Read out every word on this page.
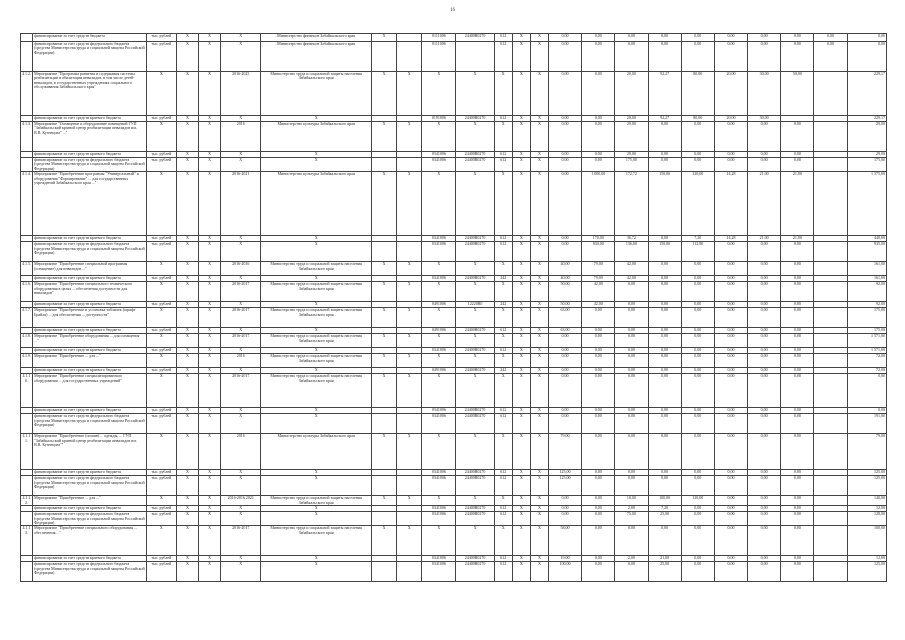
16
	финансирование за счет средств бюджета	тыс. рублей	X	X	X	Министерство финансов Забайкальского края	X		0111006	24400R0270	612	X	X	0,00	0,00	0,00	0,00	0,00	0,00	0,00	0,00	0,00	0,00
	финансирование за счет средств федерального бюджета (средства Министерства труда и социальной защиты Российской Федерации)	тыс. рублей	X	X	X	Министерство финансов Забайкальского края			0111006		612	X	X	0,00	0,00	0,00	0,00	0,00	0,00	0,00	0,00	0,00	0,00
4.1.2.	Мероприятие "Программа развития и содержания системы реабилитации и абилитации инвалидов, в том числе детей-инвалидов, в государственных учреждениях социального обслуживания Забайкальского края"	X	X	X	2016-2025	Министерство труда и социальной защиты населения Забайкальского края	X	X	X	X	X	X	X	0,00	0,00	20,00	92,27	80,00	20,00	30,00	50,00		229,17
	финансирование за счет средств краевого бюджета	тыс. рублей	X	X	X	X			0191006	24400R0270	612	X	X	0,00	0,00	20,00	92,27	80,00	20,00	30,00			229,17
4.1.3.	Мероприятие "Оснащение и оборудование помещений ГУП "Забайкальский краевой центр реабилитации инвалидов им. В.В. Кузнецова" ..."	X	X	X	2016	Министерство культуры Забайкальского края	X	X	X	X	X	X	X	0,00	0,00	29,00	0,00	0,00	0,00	0,00	0,00		29,00
	финансирование за счет средств краевого бюджета	тыс. рублей	X	X	X	X			0341006	24400R0270	612	X	X	0,00	0,00	29,00	0,00	0,00	0,00	0,00	0,00		29,00
	финансирование за счет средств федерального бюджета (средства Министерства труда и социальной защиты Российской Федерации)	тыс. рублей	X	X	X	X			0341006	24400R0270	612	X	X	0,00	0,00	175,00	0,00	0,00	0,00	0,00	0,00		175,00
4.1.4.	Мероприятие "Приобретение программы "Универсальный" и оборудования "Формирование" ... для государственных учреждений Забайкальского края ..."	X	X	X	2016-2021	Министерство культуры Забайкальского края	X	X	X	X	X	X	X	0,00	1 000,00	172,72	150,00	120,00	14,28	21,00	21,00		1 375,00
	финансирование за счет средств краевого бюджета	тыс. рублей	X	X	X	X			0341006	24400R0270	612	X	X	0,00	170,00	36,72	0,00	7,20	14,28	21,00	21,00		440,00
	финансирование за счет средств федерального бюджета (средства Министерства труда и социальной защиты Российской Федерации)	тыс. рублей	X	X	X	X			0341006	24400R0270	612	X	X	0,00	830,00	136,00	150,00	112,80	0,00	0,00	0,00		935,00
4.1.5.	Мероприятие "Приобретение специальной программы (оснащение) для инвалидов ..."	X	X	X	2016-2016	Министерство труда и социальной защиты населения Забайкальского края	X	X	X	X	X	X	X	40,00	79,00	42,00	0,00	0,00	0,00	0,00	0,00		161,00
	финансирование за счет средств краевого бюджета	тыс. рублей	X	X	X	X			0341006	24400R0270	242	X	X	40,00	79,00	42,00	0,00	0,00	0,00	0,00	0,00		161,00
4.1.6.	Мероприятие "Приобретение специального технического оборудования в целях ... обеспечения доступности для инвалидов"	X	X	X	2016-2017	Министерство труда и социальной защиты населения Забайкальского края	X	X	X	X	X	X	X	50,00	42,00	0,00	0,00	0,00	0,00	0,00	0,00		92,00
	финансирование за счет средств краевого бюджета	тыс. рублей	X	X	X	X			0491006	12220R0	242	X	X	50,00	42,00	0,00	0,00	0,00	0,00	0,00	0,00		92,00
4.1.7.	Мероприятие "Приобретение и установка табличек (шрифт Брайля) ... для обеспечения ... доступности"	X	X	X	2016-2017	Министерство труда и социальной защиты населения Забайкальского края	X	X	X	X	X	X	X	63,00	0,00	0,00	0,00	0,00	0,00	0,00	0,00		175,00
	финансирование за счет средств краевого бюджета	тыс. рублей	X	X	X	X			0491006	24400R0270	612	X	X	63,00	0,00	0,00	0,00	0,00	0,00	0,00	0,00		175,00
4.1.8.	Мероприятие "Приобретение оборудования ... для оснащения ..."	X	X	X	2016-2017	Министерство труда и социальной защиты населения Забайкальского края	X	X	X	X	X	X	X	0,00	0,00	0,00	0,00	0,00	0,00	0,00	0,00		1 571,00
	финансирование за счет средств краевого бюджета	тыс. рублей	X	X	X	X			0341006	24400R0270	612	X	X	0,00	0,00	0,00	0,00	0,00	0,00	0,00	0,00		1 571,00
4.1.9.	Мероприятие "Приобретение ... для ..."	X	X	X	2016	Министерство труда и социальной защиты населения Забайкальского края	X	X	X	X	X	X	X	0,00	0,00	0,00	0,00	0,00	0,00	0,00	0,00		72,00
	финансирование за счет средств краевого бюджета	тыс. рублей	X	X	X	X			0491006	24400R0270	242	X	X	0,00	0,00	0,00	0,00	0,00	0,00	0,00	0,00		72,00
4.1.10.	Мероприятие "Приобретение специализированного оборудования ... для государственных учреждений"	X	X	X	2016-2017	Министерство труда и социальной защиты населения Забайкальского края	X	X	X	X	X	X	X	0,00	0,00	0,00	0,00	0,00	0,00	0,00	0,00		0,00
	финансирование за счет средств краевого бюджета	тыс. рублей	X	X	X	X			0341006	24400R0270	612	X	X	0,00	0,00	0,00	0,00	0,00	0,00	0,00	0,00		0,00
	финансирование за счет средств федерального бюджета (средства Министерства труда и социальной защиты Российской Федерации)	тыс. рублей	X	X	X	X			0341006	24400R0270	612	X	X	0,00	0,00	0,00	0,00	0,00	0,00	0,00	0,00		191,00
4.1.11.	Мероприятие "Приобретение (пошив) ... одежды, ... ГУП "Забайкальский краевой центр реабилитации инвалидов им. В.В. Кузнецова""	X	X	X	2016	Министерство культуры Забайкальского края	X	X	X	X	X	X	X	79,00	0,00	0,00	0,00	0,00	0,00	0,00	0,00		79,00
	финансирование за счет средств краевого бюджета	тыс. рублей	X	X	X	X			0341006	24400R0270	612	X	X	125,00	0,00	0,00	0,00	0,00	0,00	0,00	0,00		125,00
	финансирование за счет средств федерального бюджета (средства Министерства труда и социальной защиты Российской Федерации)	тыс. рублей	X	X	X	X			0341006	24400R0270	612	X	X	125,00	0,00	0,00	0,00	0,00	0,00	0,00	0,00		125,00
4.1.12.	Мероприятие "Приобретение ... для ..."	X	X	X	2016-2016 2021	Министерство труда и социальной защиты населения Забайкальского края	X	X	X	X	X	X	X	0,00	0,00	10,00	100,00	120,00	0,00	0,00	0,00		140,00
	финансирование за счет средств краевого бюджета	тыс. рублей	X	X	X	X			0341006	24400R0270	612	X	X	0,00	0,00	2,00	7,20	0,00	0,00	0,00	0,00		12,00
	финансирование за счет средств федерального бюджета (средства Министерства труда и социальной защиты Российской Федерации)	тыс. рублей	X	X	X	X			0341006	24400R0270	612	X	X	0,00	0,00	75,00	25,00	0,00	0,00	0,00	0,00		128,00
4.1.13.	Мероприятие "Приобретение специального оборудования ... обеспечения ..."	X	X	X	2016-2017	Министерство труда и социальной защиты населения Забайкальского края	X	X	X	X	X	X	X	58,00	0,00	0,00	0,00	0,00	0,00	0,00	0,00		100,00
	финансирование за счет средств краевого бюджета	тыс. рублей	X	X	X	X			0341006	24400R0270	612	X	X	19,00	0,00	2,00	21,00	0,00	0,00	0,00	0,00		12,00
	финансирование за счет средств федерального бюджета (средства Министерства труда и социальной защиты Российской Федерации)	тыс. рублей	X	X	X	X			0341006	24400R0270	612	X	X	100,00	0,00	0,00	25,00	0,00	0,00	0,00	0,00		125,00
